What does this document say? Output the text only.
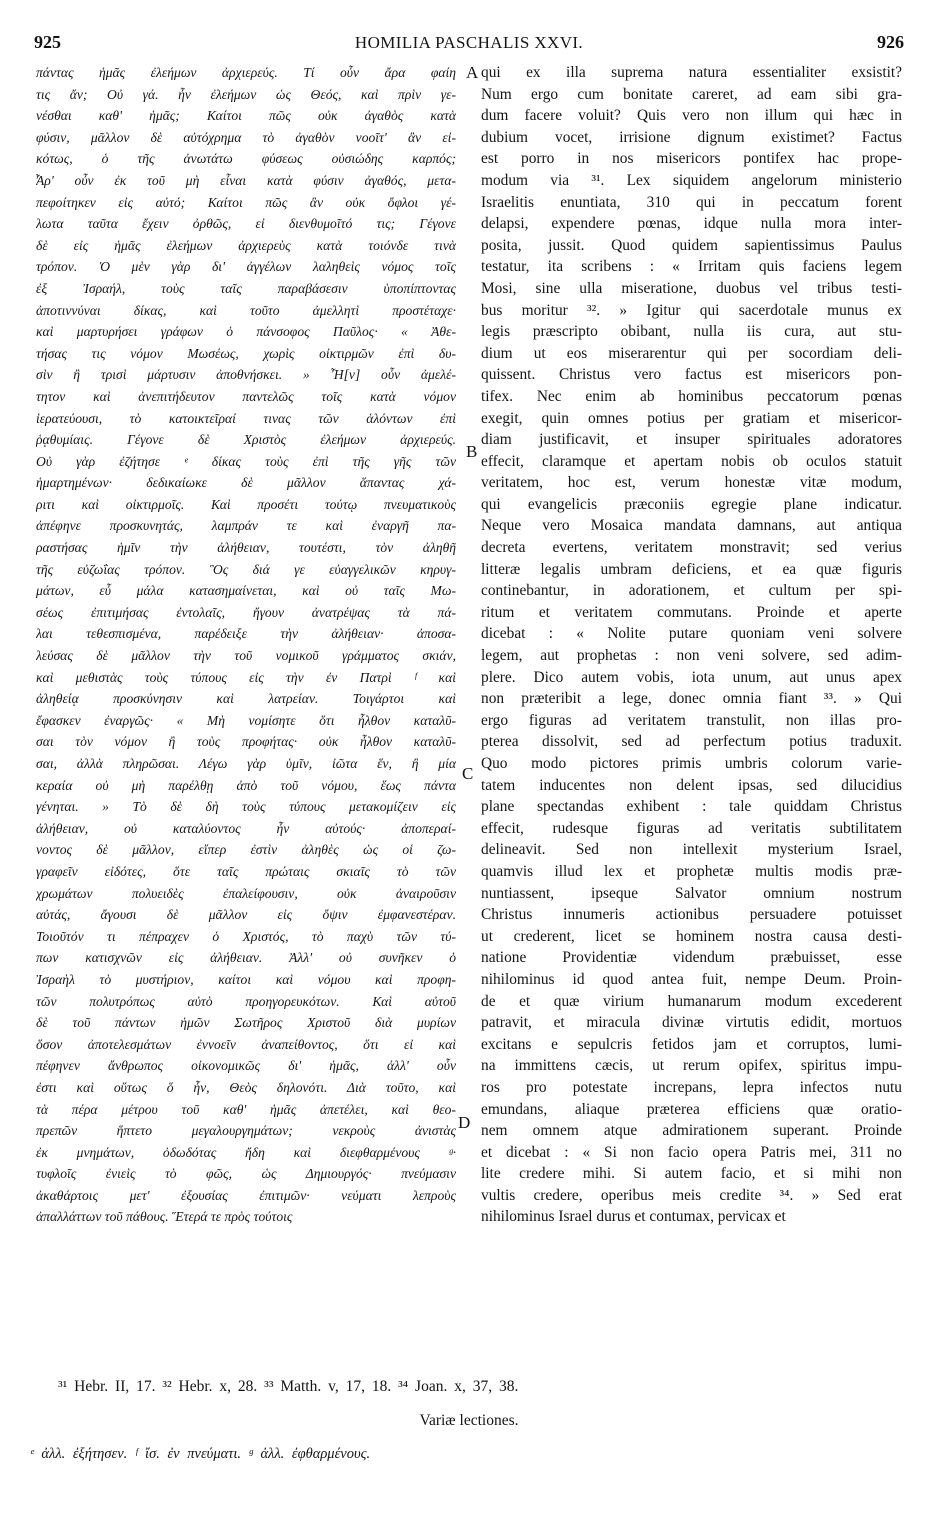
925	HOMILIA PASCHALIS XXVI.	926
πάντας ἡμᾶς ἐλεήμων ἀρχιερεύς. Τί οὖν ἄρα φαίη
τις ἄν; Οὐ γά. ἦν ἐλεήμων ὡς Θεός, καὶ πρὶν γε-
νέσθαι καθ' ἡμᾶς; Καίτοι πῶς οὐκ ἀγαθὸς κατὰ
φύσιν, μᾶλλον δὲ αὐτόχρημα τὸ ἀγαθὸν νοοῖτ' ἂν εἰ-
κότως, ὁ τῆς ἀνωτάτω φύσεως οὐσιώδης καρπός;
Ἆρ' οὖν ἐκ τοῦ μὴ εἶναι κατὰ φύσιν ἀγαθός, μετα-
πεφοίτηκεν εἰς αὐτό; Καίτοι πῶς ἂν οὐκ ὄφλοι γέ-
λωτα ταῦτα ἔχειν ὀρθῶς, εἰ διενθυμοῖτό τις; Γέγονε
δὲ εἰς ἡμᾶς ἐλεήμων ἀρχιερεὺς κατὰ τοιόνδε τινὰ
τρόπον. Ὁ μὲν γὰρ δι' ἀγγέλων λαληθεὶς νόμος τοῖς
ἐξ Ἰσραήλ, τοὺς ταῖς παραβάσεσιν ὑποπίπτοντας
ἀποτιννύναι δίκας, καὶ τοῦτο ἀμελλητὶ προστέταχε·
καὶ μαρτυρήσει γράφων ὁ πάνσοφος Παῦλος· « Ἀθε-
τήσας τις νόμον Μωσέως, χωρὶς οἰκτιρμῶν ἐπὶ δυ-
σὶν ἢ τρισὶ μάρτυσιν ἀποθνήσκει. » Ἦ[ν] οὖν ἀμελέ-
τητον καὶ ἀνεπιτήδευτον παντελῶς τοῖς κατὰ νόμον
ἱερατεύουσι, τὸ κατοικτεῖραί τινας τῶν ἁλόντων ἐπὶ
ῥᾳθυμίαις. Γέγονε δὲ Χριστὸς ἐλεήμων ἀρχιερεύς.
Οὐ γὰρ ἐζήτησε ᵉ δίκας τοὺς ἐπὶ τῆς γῆς τῶν
ἡμαρτημένων· δεδικαίωκε δὲ μᾶλλον ἅπαντας χά-
ριτι καὶ οἰκτιρμοῖς. Καὶ προσέτι τούτῳ πνευματικοὺς
ἀπέφηνε προσκυνητάς, λαμπράν τε καὶ ἐναργῆ πα-
ραστήσας ἡμῖν τὴν ἀλήθειαν, τουτέστι, τὸν ἀληθῆ
τῆς εὐζωΐας τρόπον. Ὃς διά γε εὐαγγελικῶν κηρυγ-
μάτων, εὖ μάλα κατασημαίνεται, καὶ οὐ ταῖς Μω-
σέως ἐπιτιμήσας ἐντολαῖς, ἤγουν ἀνατρέψας τὰ πά-
λαι τεθεσπισμένα, παρέδειξε τὴν ἀλήθειαν· ἀποσα-
λεύσας δὲ μᾶλλον τὴν τοῦ νομικοῦ γράμματος σκιάν,
καὶ μεθιστὰς τοὺς τύπους εἰς τὴν ἐν Πατρὶ ᶠ καὶ
ἀληθείᾳ προσκύνησιν καὶ λατρείαν. Τοιγάρτοι καὶ
ἔφασκεν ἐναργῶς· « Μὴ νομίσητε ὅτι ἦλθον καταλῦ-
σαι τὸν νόμον ἢ τοὺς προφήτας· οὐκ ἦλθον καταλῦ-
σαι, ἀλλὰ πληρῶσαι. Λέγω γὰρ ὑμῖν, ἰῶτα ἕν, ἢ μία
κεραία οὐ μὴ παρέλθῃ ἀπὸ τοῦ νόμου, ἕως πάντα
γένηται. » Τὸ δὲ δὴ τοὺς τύπους μετακομίζειν εἰς
ἀλήθειαν, οὐ καταλύοντος ἦν αὐτούς· ἀποπεραί-
νοντος δὲ μᾶλλον, εἴπερ ἐστὶν ἀληθὲς ὡς οἱ ζω-
γραφεῖν εἰδότες, ὅτε ταῖς πρώταις σκιαῖς τὸ τῶν
χρωμάτων πολυειδὲς ἐπαλείφουσιν, οὐκ ἀναιροῦσιν
αὐτάς, ἄγουσι δὲ μᾶλλον εἰς ὄψιν ἐμφανεστέραν.
Τοιοῦτόν τι πέπραχεν ὁ Χριστός, τὸ παχὺ τῶν τύ-
πων κατισχνῶν εἰς ἀλήθειαν. Ἀλλ' οὐ συνῆκεν ὁ
Ἰσραὴλ τὸ μυστήριον, καίτοι καὶ νόμου καὶ προφη-
τῶν πολυτρόπως αὐτὸ προηγορευκότων. Καὶ αὐτοῦ
δὲ τοῦ πάντων ἡμῶν Σωτῆρος Χριστοῦ διὰ μυρίων
ὅσον ἀποτελεσμάτων ἐννοεῖν ἀναπείθοντος, ὅτι εἰ καὶ
πέφηνεν ἄνθρωπος οἰκονομικῶς δι' ἡμᾶς, ἀλλ' οὖν
ἐστι καὶ οὕτως ὅ ἦν, Θεὸς δηλονότι. Διὰ τοῦτο, καὶ
τὰ πέρα μέτρου τοῦ καθ' ἡμᾶς ἀπετέλει, καὶ θεο-
πρεπῶν ἥπτετο μεγαλουργημάτων; νεκροὺς ἀνιστὰς
ἐκ μνημάτων, ὀδωδότας ἤδη καὶ διεφθαρμένους ᵍ·
τυφλοῖς ἐνιεὶς τὸ φῶς, ὡς Δημιουργός· πνεύμασιν
ἀκαθάρτοις μετ' ἐξουσίας ἐπιτιμῶν· νεύματι λεπροὺς
ἀπαλλάττων τοῦ πάθους. Ἕτερά τε πρὸς τούτοις
qui ex illa suprema natura essentialiter exsistit?
Num ergo cum bonitate careret, ad eam sibi gra-
dum facere voluit? Quis vero non illum qui hæc in
dubium vocet, irrisione dignum existimet? Factus
est porro in nos misericors pontifex hac prope-
modum via ³¹. Lex siquidem angelorum ministerio
Israelitis enuntiata, 310 qui in peccatum forent
delapsi, expendere pœnas, idque nulla mora inter-
posita, jussit. Quod quidem sapientissimus Paulus
testatur, ita scribens : « Irritam quis faciens legem
Mosi, sine ulla miseratione, duobus vel tribus testi-
bus moritur ³². » Igitur qui sacerdotale munus ex
legis præscripto obibant, nulla iis cura, aut stu-
dium ut eos miserarentur qui per socordiam deli-
quissent. Christus vero factus est misericors pon-
tifex. Nec enim ab hominibus peccatorum pœnas
exegit, quin omnes potius per gratiam et misericor-
diam justificavit, et insuper spirituales adoratores
effecit, claramque et apertam nobis ob oculos statuit
veritatem, hoc est, verum honestæ vitæ modum,
qui evangelicis præconiis egregie plane indicatur.
Neque vero Mosaica mandata damnans, aut antiqua
decreta evertens, veritatem monstravit; sed verius
litteræ legalis umbram deficiens, et ea quæ figuris
continebantur, in adorationem, et cultum per spi-
ritum et veritatem commutans. Proinde et aperte
dicebat : « Nolite putare quoniam veni solvere
legem, aut prophetas : non veni solvere, sed adim-
plere. Dico autem vobis, iota unum, aut unus apex
non præteribit a lege, donec omnia fiant ³³. » Qui
ergo figuras ad veritatem transtulit, non illas pro-
pterea dissolvit, sed ad perfectum potius traduxit.
Quo modo pictores primis umbris colorum varie-
tatem inducentes non delent ipsas, sed dilucidius
plane spectandas exhibent : tale quiddam Christus
effecit, rudesque figuras ad veritatis subtilitatem
delineavit. Sed non intellexit mysterium Israel,
quamvis illud lex et prophetæ multis modis præ-
nuntiassent, ipseque Salvator omnium nostrum
Christus innumeris actionibus persuadere potuisset
ut crederent, licet se hominem nostra causa desti-
natione Providentiæ videndum præbuisset, esse
nihilominus id quod antea fuit, nempe Deum. Proin-
de et quæ virium humanarum modum excederent
patravit, et miracula divinæ virtutis edidit, mortuos
excitans e sepulcris fetidos jam et corruptos, lumi-
na immittens cæcis, ut rerum opifex, spiritus impu-
ros pro potestate increpans, lepra infectos nutu
emundans, aliaque præterea efficiens quæ oratio-
nem omnem atque admirationem superant. Proinde
et dicebat : « Si non facio opera Patris mei, 311 no
lite credere mihi. Si autem facio, et si mihi non
vultis credere, operibus meis credite ³⁴. » Sed erat
nihilominus Israel durus et contumax, pervicax et
A
B
C
D
³¹ Hebr. II, 17. ³² Hebr. x, 28. ³³ Matth. v, 17, 18. ³⁴ Joan. x, 37, 38.
Variæ lectiones.
ᵉ ἀλλ. ἐξήτησεν. ᶠ ἴσ. ἐν πνεύματι. ᵍ ἀλλ. ἐφθαρμένους.
